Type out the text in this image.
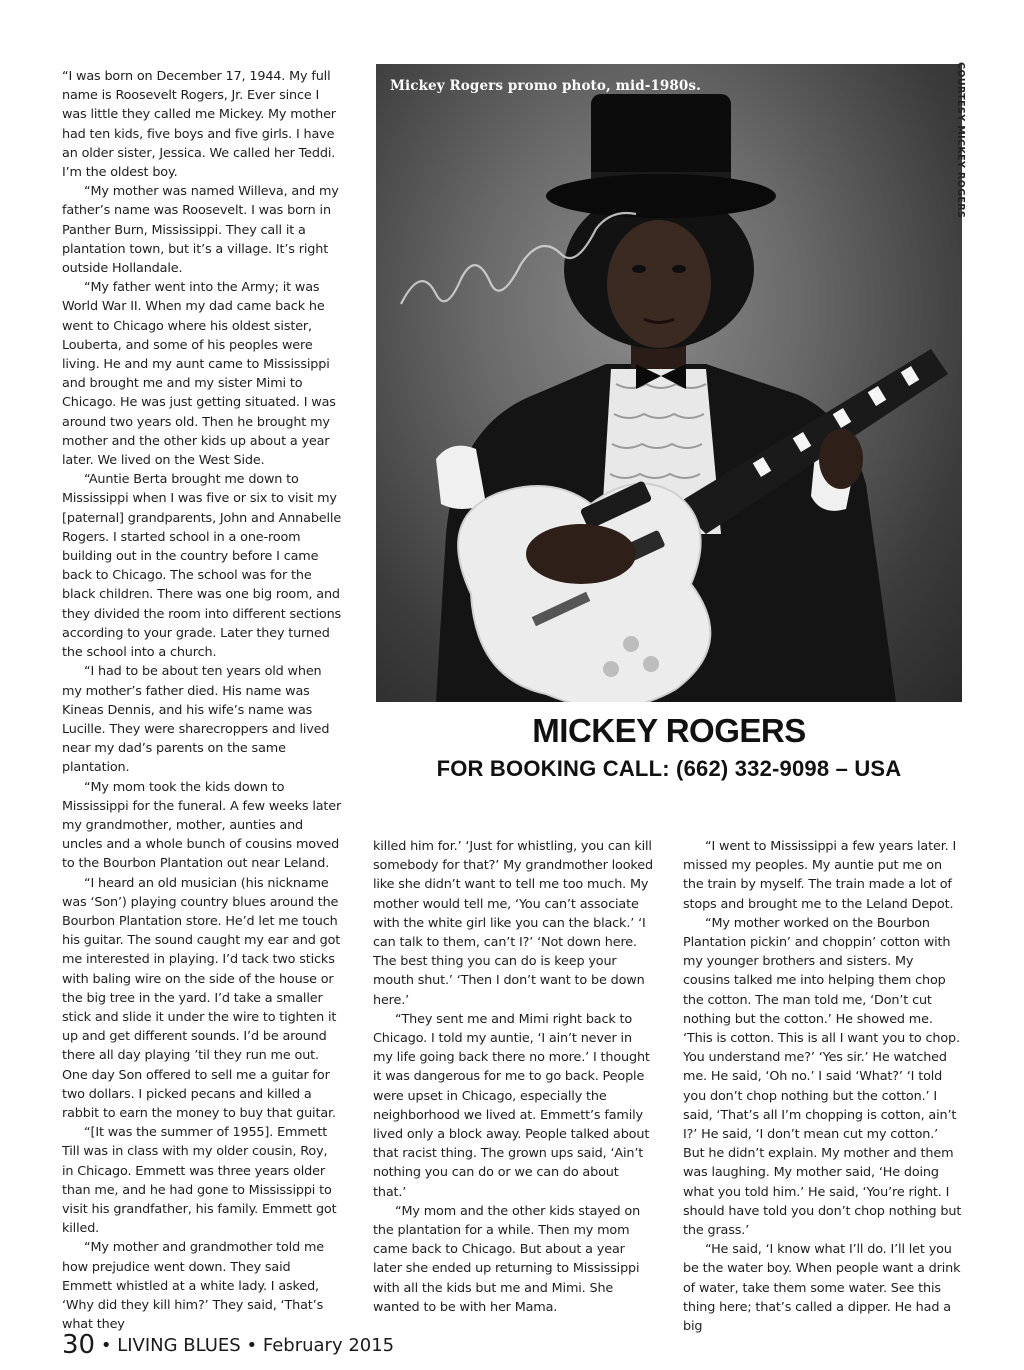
“I was born on December 17, 1944. My full name is Roosevelt Rogers, Jr. Ever since I was little they called me Mickey. My mother had ten kids, five boys and five girls. I have an older sister, Jessica. We called her Teddi. I’m the oldest boy.

“My mother was named Willeva, and my father’s name was Roosevelt. I was born in Panther Burn, Mississippi. They call it a plantation town, but it’s a village. It’s right outside Hollandale.

“My father went into the Army; it was World War II. When my dad came back he went to Chicago where his oldest sister, Louberta, and some of his peoples were living. He and my aunt came to Mississippi and brought me and my sister Mimi to Chicago. He was just getting situated. I was around two years old. Then he brought my mother and the other kids up about a year later. We lived on the West Side.

“Auntie Berta brought me down to Mississippi when I was five or six to visit my [paternal] grandparents, John and Annabelle Rogers. I started school in a one-room building out in the country before I came back to Chicago. The school was for the black children. There was one big room, and they divided the room into different sections according to your grade. Later they turned the school into a church.

“I had to be about ten years old when my mother’s father died. His name was Kineas Dennis, and his wife’s name was Lucille. They were sharecroppers and lived near my dad’s parents on the same plantation.

“My mom took the kids down to Mississippi for the funeral. A few weeks later my grandmother, mother, aunties and uncles and a whole bunch of cousins moved to the Bourbon Plantation out near Leland.

“I heard an old musician (his nickname was ‘Son’) playing country blues around the Bourbon Plantation store. He’d let me touch his guitar. The sound caught my ear and got me interested in playing. I’d tack two sticks with baling wire on the side of the house or the big tree in the yard. I’d take a smaller stick and slide it under the wire to tighten it up and get different sounds. I’d be around there all day playing ’til they run me out. One day Son offered to sell me a guitar for two dollars. I picked pecans and killed a rabbit to earn the money to buy that guitar.

“[It was the summer of 1955]. Emmett Till was in class with my older cousin, Roy, in Chicago. Emmett was three years older than me, and he had gone to Mississippi to visit his grandfather, his family. Emmett got killed.

“My mother and grandmother told me how prejudice went down. They said Emmett whistled at a white lady. I asked, ‘Why did they kill him?’ They said, ‘That’s what they

Mickey Rogers promo photo, mid-1980s.	COURTESY MICKEY ROGERS
MICKEY ROGERS
FOR BOOKING CALL: (662) 332-9098 – USA

killed him for.’ ‘Just for whistling, you can kill somebody for that?’ My grandmother looked like she didn’t want to tell me too much. My mother would tell me, ‘You can’t associate with the white girl like you can the black.’ ‘I can talk to them, can’t I?’ ‘Not down here. The best thing you can do is keep your mouth shut.’ ‘Then I don’t want to be down here.’

“They sent me and Mimi right back to Chicago. I told my auntie, ‘I ain’t never in my life going back there no more.’ I thought it was dangerous for me to go back. People were upset in Chicago, especially the neighborhood we lived at. Emmett’s family lived only a block away. People talked about that racist thing. The grown ups said, ‘Ain’t nothing you can do or we can do about that.’

“My mom and the other kids stayed on the plantation for a while. Then my mom came back to Chicago. But about a year later she ended up returning to Mississippi with all the kids but me and Mimi. She wanted to be with her Mama.

“I went to Mississippi a few years later. I missed my peoples. My auntie put me on the train by myself. The train made a lot of stops and brought me to the Leland Depot.

“My mother worked on the Bourbon Plantation pickin’ and choppin’ cotton with my younger brothers and sisters. My cousins talked me into helping them chop the cotton. The man told me, ‘Don’t cut nothing but the cotton.’ He showed me. ‘This is cotton. This is all I want you to chop. You understand me?’ ‘Yes sir.’ He watched me. He said, ‘Oh no.’ I said ‘What?’ ‘I told you don’t chop nothing but the cotton.’ I said, ‘That’s all I’m chopping is cotton, ain’t I?’ He said, ‘I don’t mean cut my cotton.’ But he didn’t explain. My mother and them was laughing. My mother said, ‘He doing what you told him.’ He said, ‘You’re right. I should have told you don’t chop nothing but the grass.’

“He said, ‘I know what I’ll do. I’ll let you be the water boy. When people want a drink of water, take them some water. See this thing here; that’s called a dipper. He had a big

30 • LIVING BLUES • February 2015
